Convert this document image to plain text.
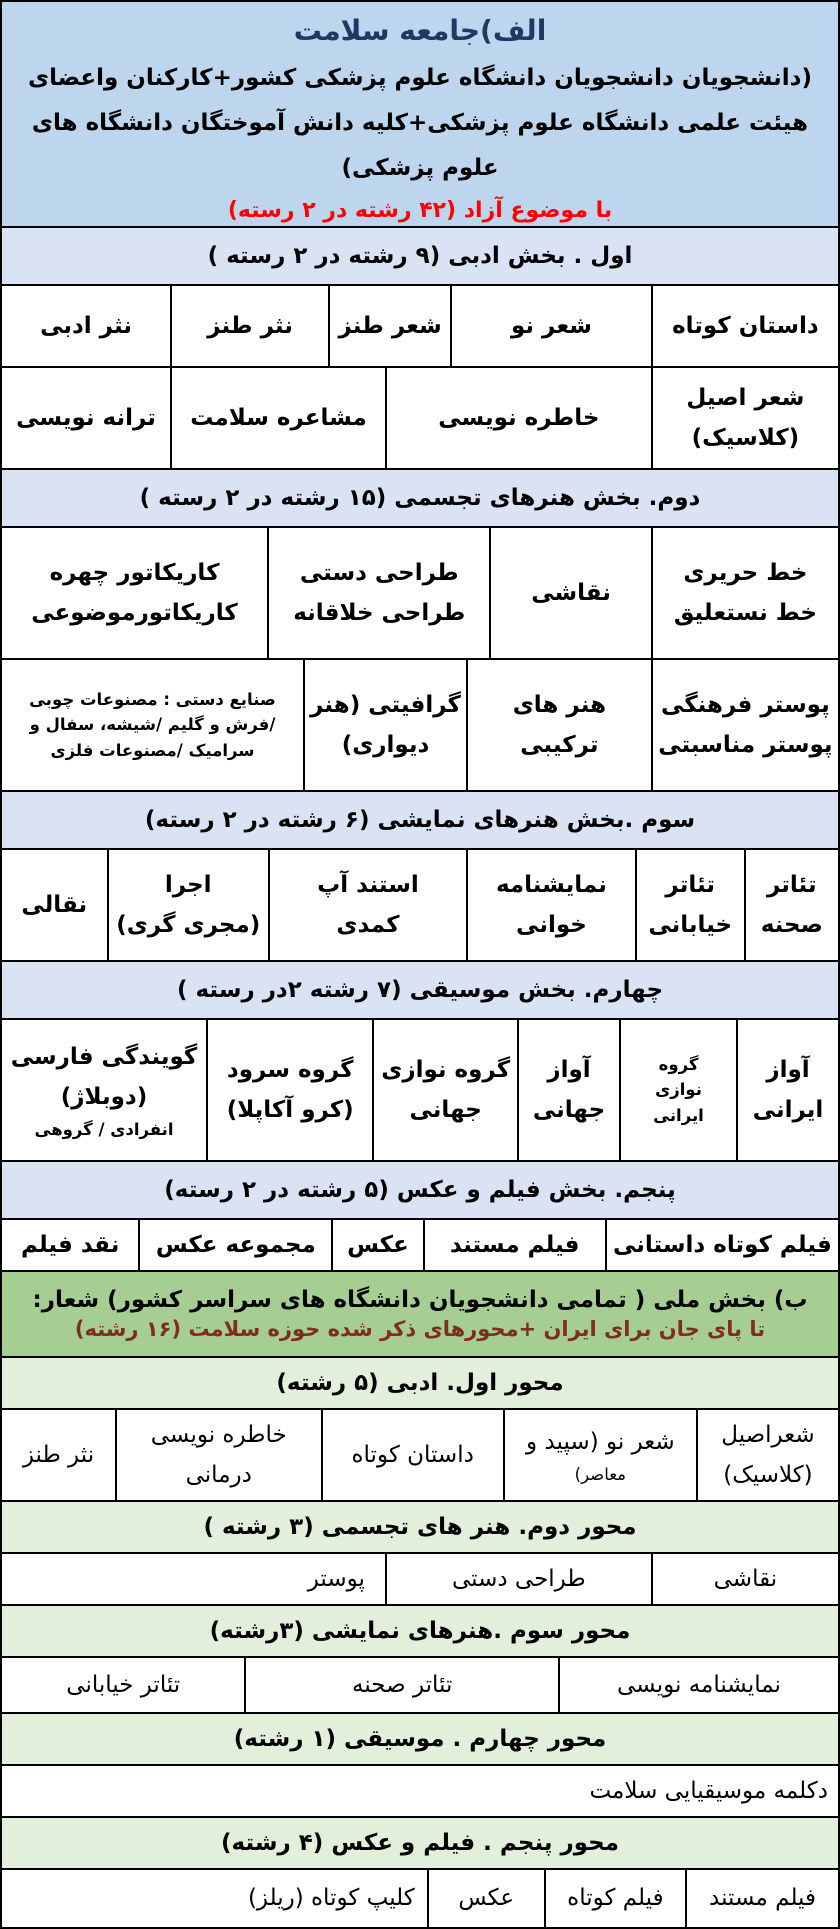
الف)جامعه سلامت
(دانشجویان دانشجویان دانشگاه علوم پزشکی کشور+کارکنان واعضای هیئت علمی دانشگاه علوم پزشکی+کلیه دانش آموختگان دانشگاه های علوم پزشکی)
با موضوع آزاد (۴۲ رشته در ۲ رسته)
اول . بخش ادبی (۹ رشته در ۲ رسته )
داستان کوتاه
شعر نو
شعر طنز
نثر طنز
نثر ادبی
شعر اصیل
(کلاسیک)
خاطره نویسی
مشاعره سلامت
ترانه نویسی
دوم. بخش هنرهای تجسمی (۱۵ رشته در ۲ رسته )
خط حریری
خط نستعلیق
نقاشی
طراحی دستی
طراحی خلاقانه
کاریکاتور چهره
کاریکاتورموضوعی
پوستر فرهنگی
پوستر مناسبتی
هنر های
ترکیبی
گرافیتی (هنر
دیواری)
صنایع دستی : مصنوعات چوبی
/فرش و گلیم /شیشه، سفال و
سرامیک /مصنوعات فلزی
سوم .بخش هنرهای نمایشی (۶ رشته در ۲ رسته)
تئاتر
صحنه
تئاتر
خیابانی
نمایشنامه
خوانی
استند آپ
کمدی
اجرا
(مجری گری)
نقالی
چهارم. بخش موسیقی (۷ رشته ۲در رسته )
آواز
ایرانی
گروه
نوازی
ایرانی
آواز
جهانی
گروه نوازی
جهانی
گروه سرود
(کرو آکاپلا)
گویندگی فارسی
(دوبلاژ)
انفرادی / گروهی
پنجم. بخش فیلم و عکس (۵ رشته در ۲ رسته)
فیلم کوتاه داستانی
فیلم مستند
عکس
مجموعه عکس
نقد فیلم
ب) بخش ملی ( تمامی دانشجویان دانشگاه های سراسر کشور) شعار:
تا پای جان برای ایران +محورهای ذکر شده حوزه سلامت (۱۶ رشته)
محور اول. ادبی (۵ رشته)
شعراصیل
(کلاسیک)
شعر نو (سپید و
معاصر)
داستان کوتاه
خاطره نویسی
درمانی
نثر طنز
محور دوم. هنر های تجسمی (۳ رشته )
نقاشی
طراحی دستی
پوستر
محور سوم .هنرهای نمایشی (۳رشته)
نمایشنامه نویسی
تئاتر صحنه
تئاتر خیابانی
محور چهارم . موسیقی (۱ رشته)
دکلمه موسیقیایی سلامت
محور پنجم . فیلم و عکس (۴ رشته)
فیلم مستند
فیلم کوتاه
عکس
کلیپ کوتاه (ریلز)
